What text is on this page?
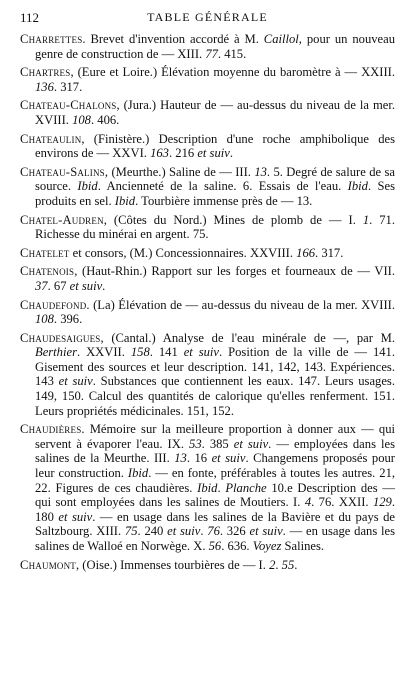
112	TABLE GÉNÉRALE

Charrettes. Brevet d'invention accordé à M. Caillol, pour un nouveau genre de construction de — XIII. 77. 415.

Chartres, (Eure et Loire.) Élévation moyenne du baromètre à — XXIII. 136. 317.

Chateau-Chalons, (Jura.) Hauteur de — au-dessus du niveau de la mer. XVIII. 108. 406.

Chateaulin, (Finistère.) Description d'une roche amphibolique des environs de — XXVI. 163. 216 et suiv.

Chateau-Salins, (Meurthe.) Saline de — III. 13. 5. Degré de salure de sa source. Ibid. Ancienneté de la saline. 6. Essais de l'eau. Ibid. Ses produits en sel. Ibid. Tourbière immense près de — 13.

Chatel-Audren, (Côtes du Nord.) Mines de plomb de — I. 1. 71. Richesse du minérai en argent. 75.

Chatelet et consors, (M.) Concessionnaires. XXVIII. 166. 317.

Chatenois, (Haut-Rhin.) Rapport sur les forges et fourneaux de — VII. 37. 67 et suiv.

Chaudefond. (La) Élévation de — au-dessus du niveau de la mer. XVIII. 108. 396.

Chaudesaigues, (Cantal.) Analyse de l'eau minérale de —, par M. Berthier. XXVII. 158. 141 et suiv. Position de la ville de — 141. Gisement des sources et leur description. 141, 142, 143. Expériences. 143 et suiv. Substances que contiennent les eaux. 147. Leurs usages. 149, 150. Calcul des quantités de calorique qu'elles renferment. 151. Leurs propriétés médicinales. 151, 152.

Chaudières. Mémoire sur la meilleure proportion à donner aux — qui servent à évaporer l'eau. IX. 53. 385 et suiv. — employées dans les salines de la Meurthe. III. 13. 16 et suiv. Changemens proposés pour leur construction. Ibid. — en fonte, préférables à toutes les autres. 21, 22. Figures de ces chaudières. Ibid. Planche 10.e Description des — qui sont employées dans les salines de Moutiers. I. 4. 76. XXII. 129. 180 et suiv. — en usage dans les salines de la Bavière et du pays de Saltzbourg. XIII. 75. 240 et suiv. 76. 326 et suiv. — en usage dans les salines de Walloé en Norwège. X. 56. 636. Voyez Salines.

Chaumont, (Oise.) Immenses tourbières de — I. 2. 55.
